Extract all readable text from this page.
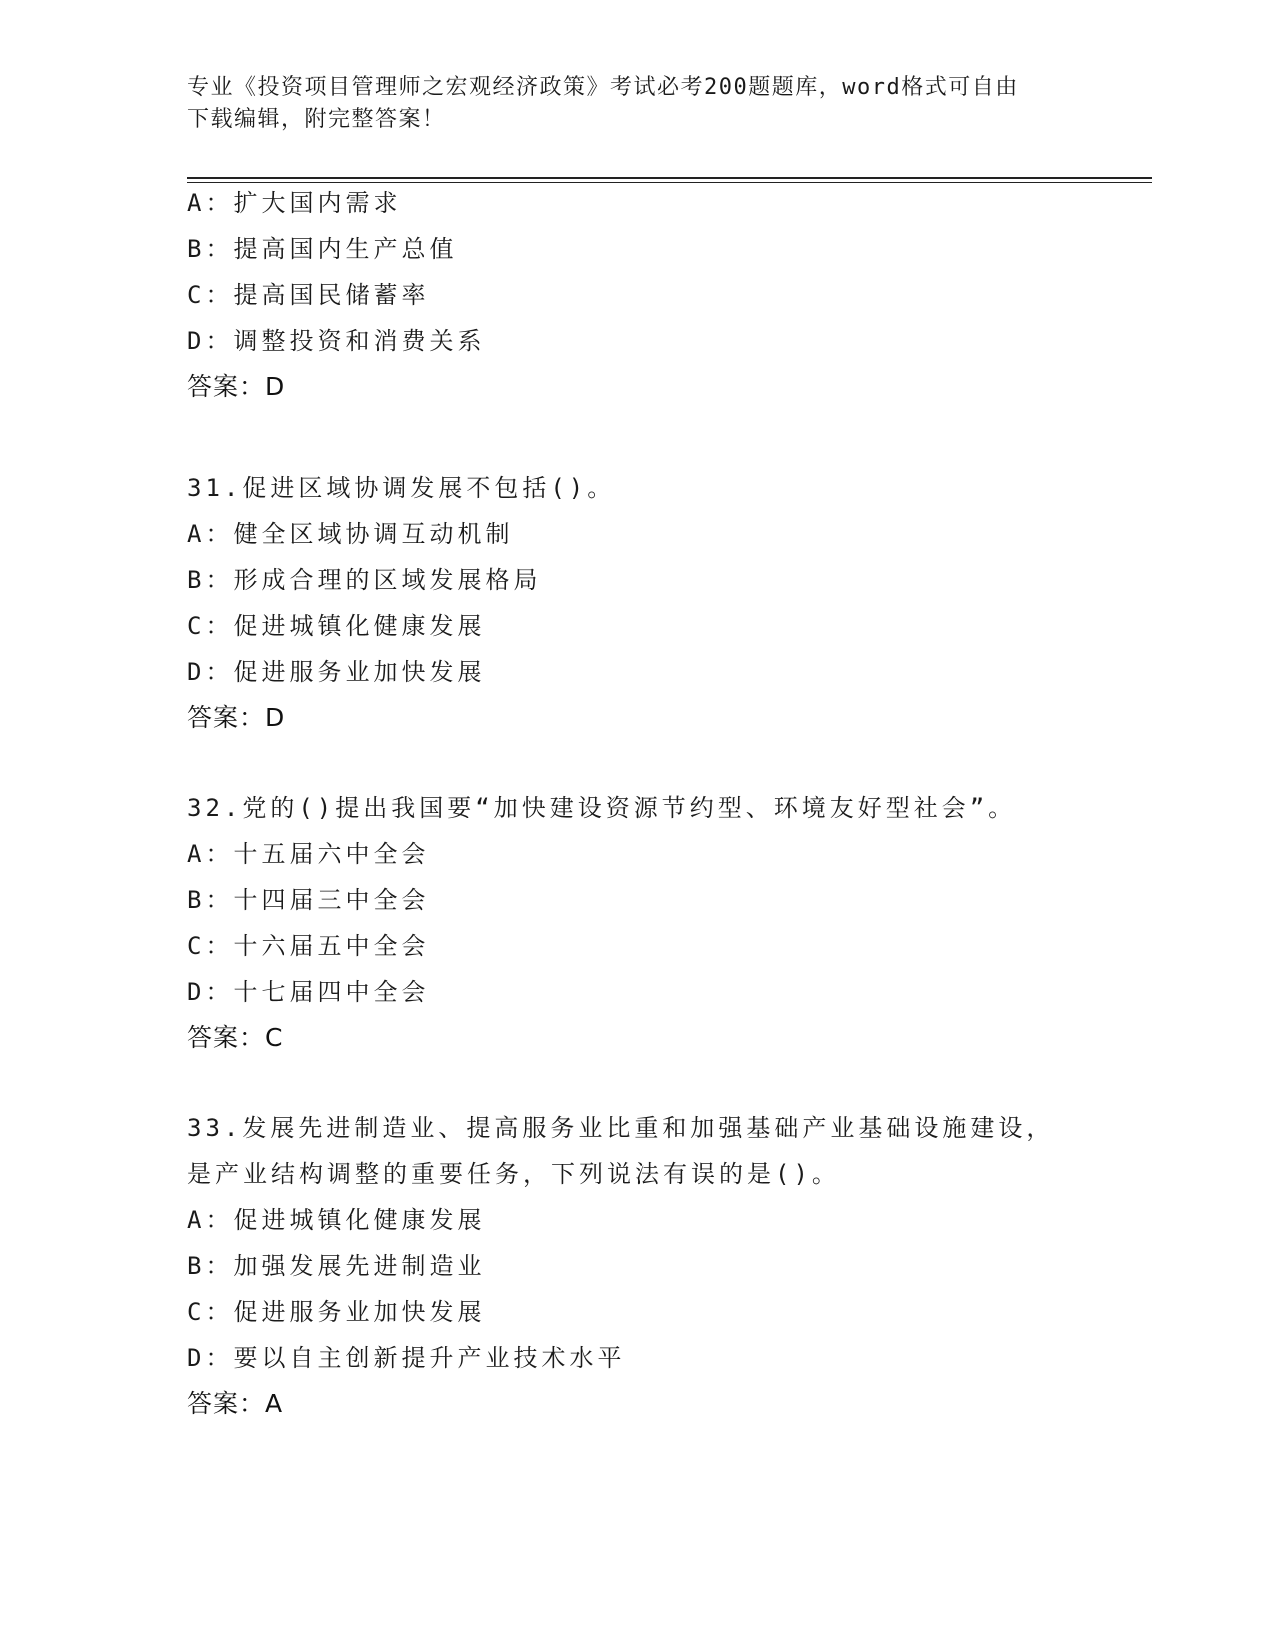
专业《投资项目管理师之宏观经济政策》考试必考200题题库，word格式可自由
下载编辑，附完整答案！
A：扩大国内需求
B：提高国内生产总值
C：提高国民储蓄率
D：调整投资和消费关系
答案：D
31.促进区域协调发展不包括()。
A：健全区域协调互动机制
B：形成合理的区域发展格局
C：促进城镇化健康发展
D：促进服务业加快发展
答案：D
32.党的()提出我国要“加快建设资源节约型、环境友好型社会”。
A：十五届六中全会
B：十四届三中全会
C：十六届五中全会
D：十七届四中全会
答案：C
33.发展先进制造业、提高服务业比重和加强基础产业基础设施建设，
是产业结构调整的重要任务，下列说法有误的是()。
A：促进城镇化健康发展
B：加强发展先进制造业
C：促进服务业加快发展
D：要以自主创新提升产业技术水平
答案：A
